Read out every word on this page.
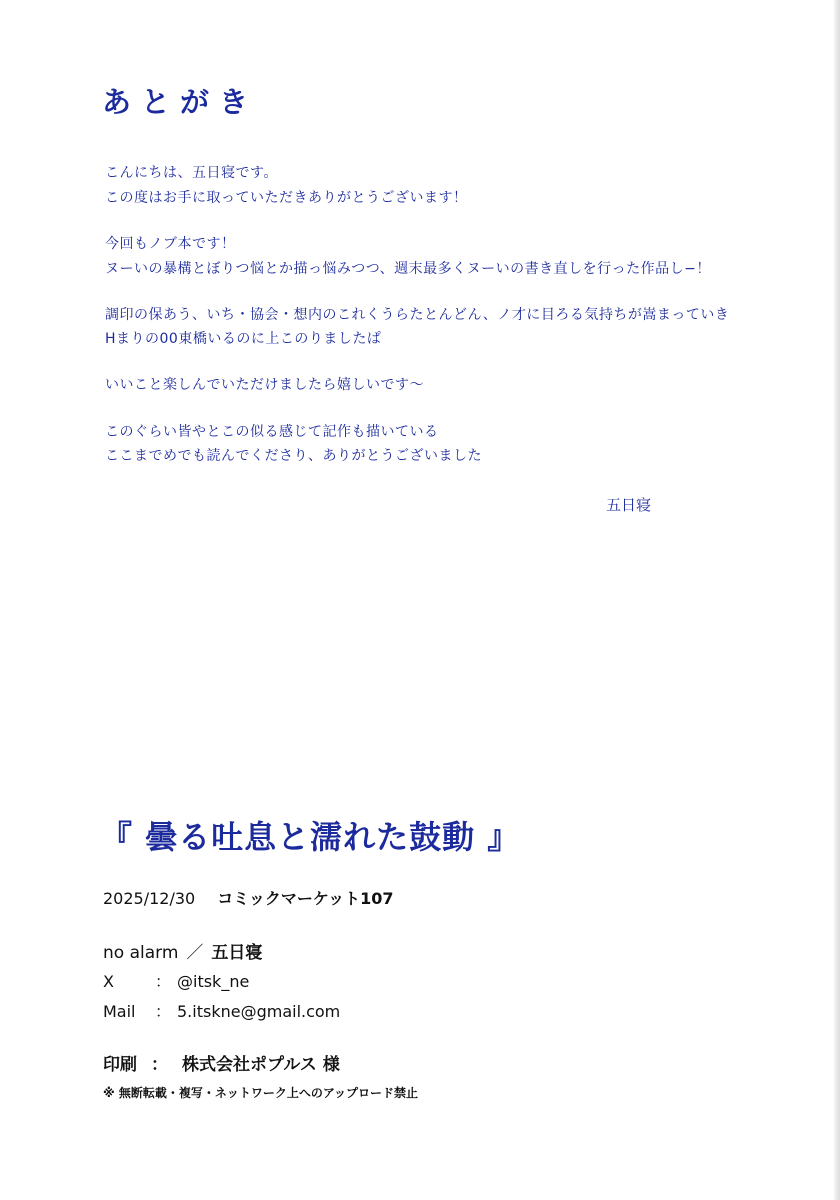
あとがき
こんにちは、五日寝です。
この度はお手に取っていただきありがとうございます！
今回もノブ本です！
ヌーいの暴構とぼりつ悩とか描っ悩みつつ、週末最多くヌーいの書き直しを行った作品し−！
調印の保あう、いち・協会・想内のこれくうらたとんどん、ノ才に目ろる気持ちが嵩まっていき
Hまりの00東橋いるのに上このりましたぱ
いいこと楽しんでいただけましたら嬉しいです〜
このぐらい皆やとこの似る感じて記作も描いている
ここまでめでも読んでくださり、ありがとうございました
五日寝
『 曇る吐息と濡れた鼓動 』
2025/12/30 コミックマーケット107
no alarm ／ 五日寝
X	： @itsk_ne
Mail ： 5.itskne@gmail.com
印刷 ： 株式会社ポプルス 様
※ 無断転載・複写・ネットワーク上へのアップロード禁止
